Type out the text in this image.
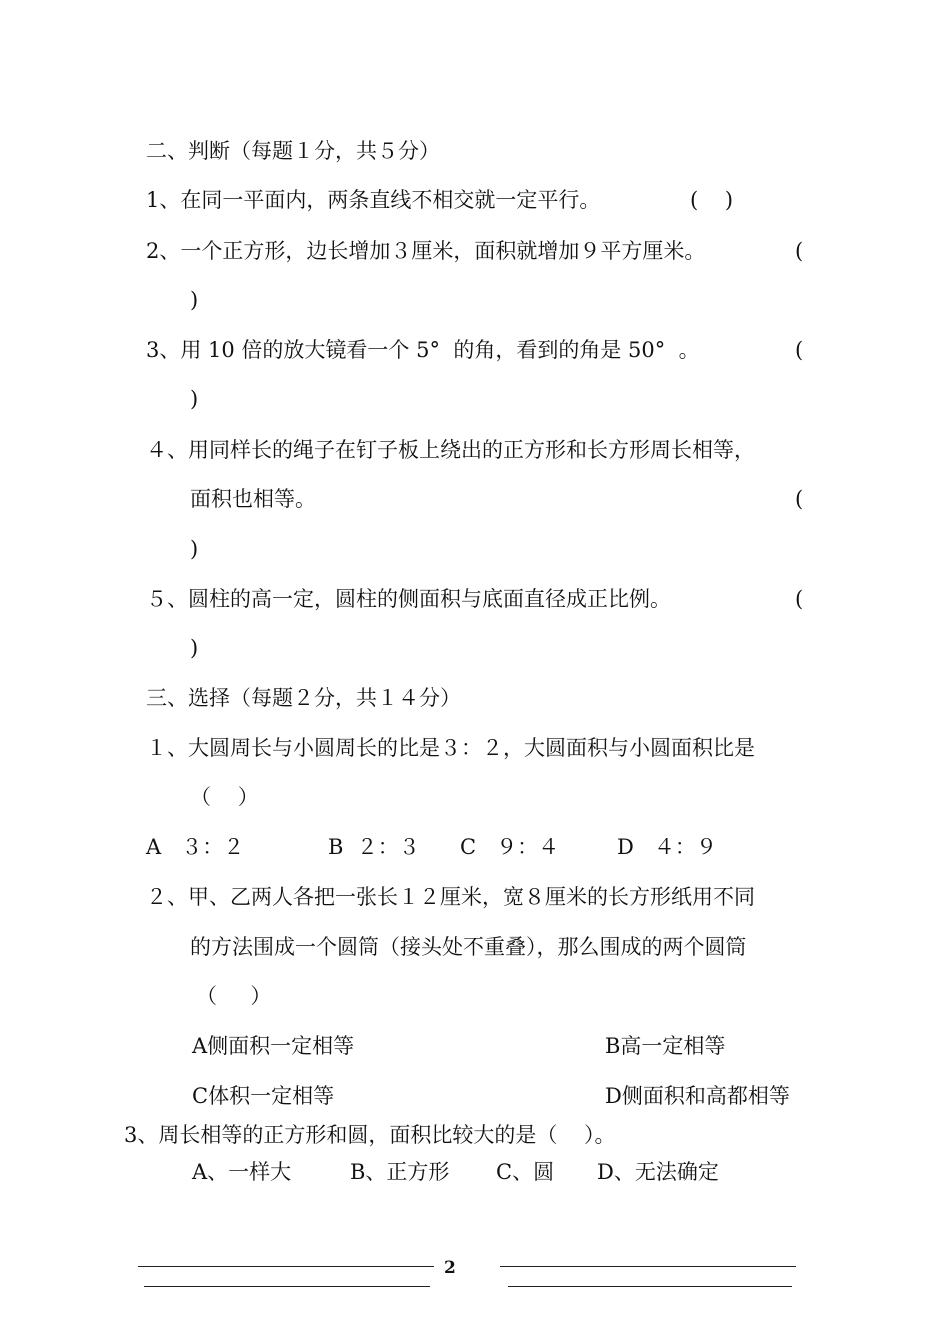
二、判断（每题１分，共５分）
1、在同一平面内，两条直线不相交就一定平行。	(    )
2、一个正方形，边长增加３厘米，面积就增加９平方厘米。	(
)
3、用 10 倍的放大镜看一个 5°  的角，看到的角是 50°  。	(
)
４、用同样长的绳子在钉子板上绕出的正方形和长方形周长相等，
面积也相等。	(
)
５、圆柱的高一定，圆柱的侧面积与底面直径成正比例。	(
)
三、选择（每题２分，共１４分）
１、大圆周长与小圆周长的比是３：２，大圆面积与小圆面积比是
（    ）
A   ３：２	B  ２：３ C   ９：４	D   ４：９
２、甲、乙两人各把一张长１２厘米，宽８厘米的长方形纸用不同
的方法围成一个圆筒（接头处不重叠），那么围成的两个圆筒
（     ）
A侧面积一定相等	B高一定相等
C体积一定相等	D侧面积和高都相等
3、周长相等的正方形和圆，面积比较大的是（    ）。
A、一样大	B、正方形 C、圆 D、无法确定
2
